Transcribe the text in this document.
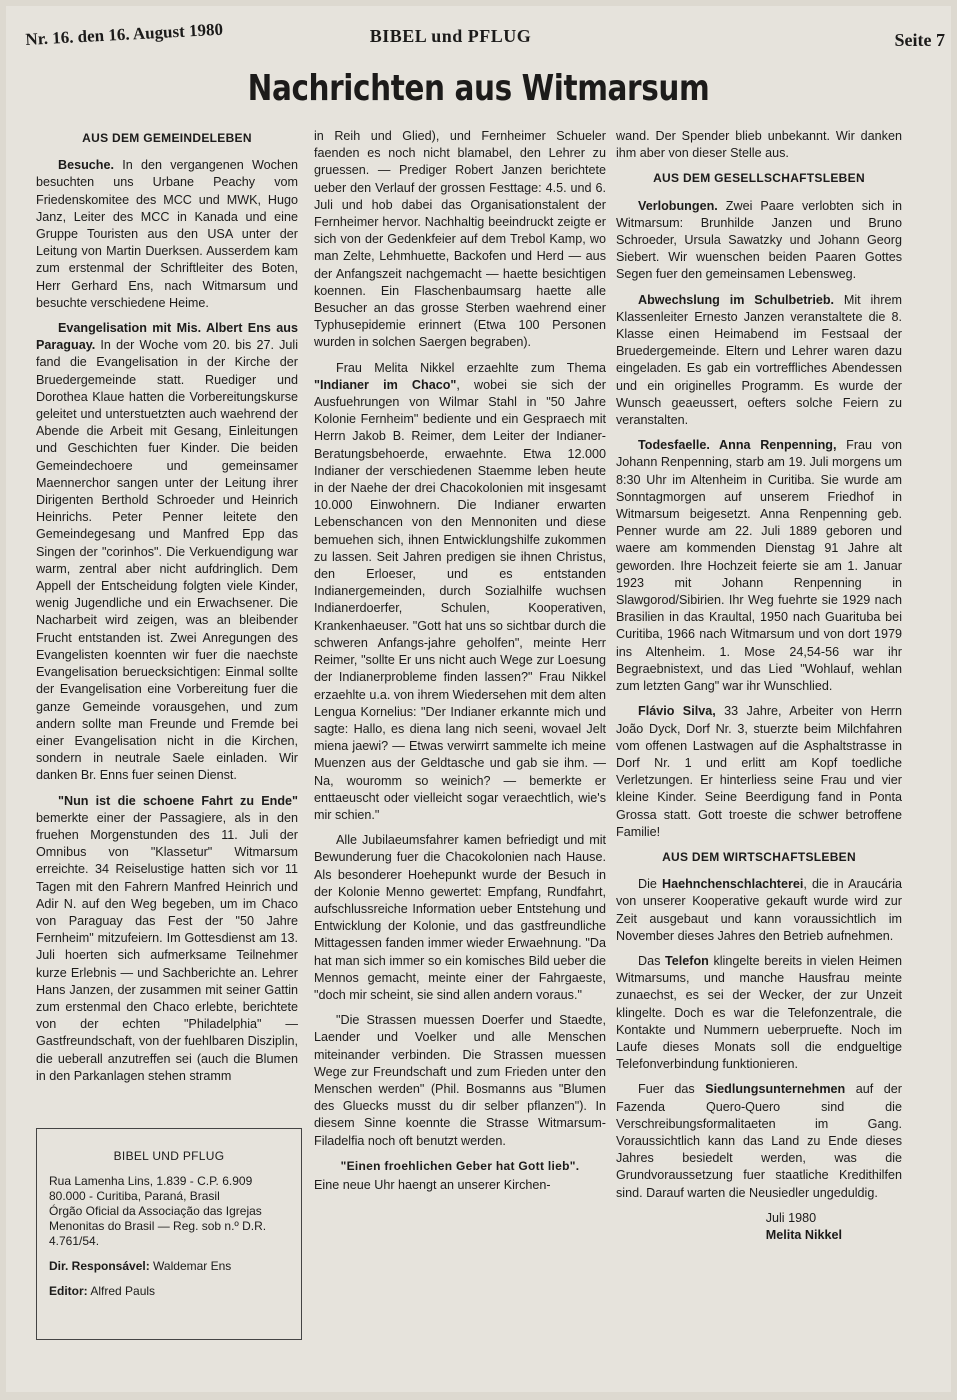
Nr. 16. den 16. August 1980	BIBEL und PFLUG	Seite 7
Nachrichten aus Witmarsum
AUS DEM GEMEINDELEBEN

Besuche. In den vergangenen Wochen besuchten uns Urbane Peachy vom Friedenskomitee des MCC und MWK, Hugo Janz, Leiter des MCC in Kanada und eine Gruppe Touristen aus den USA unter der Leitung von Martin Duerksen. Ausserdem kam zum erstenmal der Schriftleiter des Boten, Herr Gerhard Ens, nach Witmarsum und besuchte verschiedene Heime.

Evangelisation mit Mis. Albert Ens aus Paraguay. In der Woche vom 20. bis 27. Juli fand die Evangelisation in der Kirche der Bruedergemeinde statt. Ruediger und Dorothea Klaue hatten die Vorbereitungskurse geleitet und unterstuetzten auch waehrend der Abende die Arbeit mit Gesang, Einleitungen und Geschichten fuer Kinder. Die beiden Gemeindechoere und gemeinsamer Maennerchor sangen unter der Leitung ihrer Dirigenten Berthold Schroeder und Heinrich Heinrichs. Peter Penner leitete den Gemeindegesang und Manfred Epp das Singen der "corinhos". Die Verkuendigung war warm, zentral aber nicht aufdringlich. Dem Appell der Entscheidung folgten viele Kinder, wenig Jugendliche und ein Erwachsener. Die Nacharbeit wird zeigen, was an bleibender Frucht entstanden ist. Zwei Anregungen des Evangelisten koennten wir fuer die naechste Evangelisation beruecksichtigen: Einmal sollte der Evangelisation eine Vorbereitung fuer die ganze Gemeinde vorausgehen, und zum andern sollte man Freunde und Fremde bei einer Evangelisation nicht in die Kirchen, sondern in neutrale Saele einladen. Wir danken Br. Enns fuer seinen Dienst.

"Nun ist die schoene Fahrt zu Ende" bemerkte einer der Passagiere, als in den fruehen Morgenstunden des 11. Juli der Omnibus von "Klassetur" Witmarsum erreichte. 34 Reiselustige hatten sich vor 11 Tagen mit den Fahrern Manfred Heinrich und Adir N. auf den Weg begeben, um im Chaco von Paraguay das Fest der "50 Jahre Fernheim" mitzufeiern. Im Gottesdienst am 13. Juli hoerten sich aufmerksame Teilnehmer kurze Erlebnis — und Sachberichte an. Lehrer Hans Janzen, der zusammen mit seiner Gattin zum erstenmal den Chaco erlebte, berichtete von der echten "Philadelphia" — Gastfreundschaft, von der fuehlbaren Disziplin, die ueberall anzutreffen sei (auch die Blumen in den Parkanlagen stehen stramm

BIBEL UND PFLUG

Rua Lamenha Lins, 1.839 - C.P. 6.909 80.000 - Curitiba, Paraná, Brasil

Órgão Oficial da Associação das Igrejas Menonitas do Brasil — Reg. sob n.º D.R. 4.761/54.

Dir. Responsável: Waldemar Ens

Editor: Alfred Pauls

in Reih und Glied), und Fernheimer Schueler faenden es noch nicht blamabel, den Lehrer zu gruessen. — Prediger Robert Janzen berichtete ueber den Verlauf der grossen Festtage: 4.5. und 6. Juli und hob dabei das Organisationstalent der Fernheimer hervor. Nachhaltig beeindruckt zeigte er sich von der Gedenkfeier auf dem Trebol Kamp, wo man Zelte, Lehmhuette, Backofen und Herd — aus der Anfangszeit nachgemacht — haette besichtigen koennen. Ein Flaschenbaumsarg haette alle Besucher an das grosse Sterben waehrend einer Typhusepidemie erinnert (Etwa 100 Personen wurden in solchen Saergen begraben).

Frau Melita Nikkel erzaehlte zum Thema "Indianer im Chaco", wobei sie sich der Ausfuehrungen von Wilmar Stahl in "50 Jahre Kolonie Fernheim" bediente und ein Gespraech mit Herrn Jakob B. Reimer, dem Leiter der Indianer-Beratungsbehoerde, erwaehnte. Etwa 12.000 Indianer der verschiedenen Staemme leben heute in der Naehe der drei Chacokolonien mit insgesamt 10.000 Einwohnern. Die Indianer erwarten Lebenschancen von den Mennoniten und diese bemuehen sich, ihnen Entwicklungshilfe zukommen zu lassen. Seit Jahren predigen sie ihnen Christus, den Erloeser, und es entstanden Indianergemeinden, durch Sozialhilfe wuchsen Indianerdoerfer, Schulen, Kooperativen, Krankenhaeuser. "Gott hat uns so sichtbar durch die schweren Anfangs-jahre geholfen", meinte Herr Reimer, "sollte Er uns nicht auch Wege zur Loesung der Indianerprobleme finden lassen?" Frau Nikkel erzaehlte u.a. von ihrem Wiedersehen mit dem alten Lengua Kornelius: "Der Indianer erkannte mich und sagte: Hallo, es diena lang nich seeni, wovael Jelt miena jaewi? — Etwas verwirrt sammelte ich meine Muenzen aus der Geldtasche und gab sie ihm. — Na, wouromm so weinich? — bemerkte er enttaeuscht oder vielleicht sogar veraechtlich, wie's mir schien."

Alle Jubilaeumsfahrer kamen befriedigt und mit Bewunderung fuer die Chacokolonien nach Hause. Als besonderer Hoehepunkt wurde der Besuch in der Kolonie Menno gewertet: Empfang, Rundfahrt, aufschlussreiche Information ueber Entstehung und Entwicklung der Kolonie, und das gastfreundliche Mittagessen fanden immer wieder Erwaehnung. "Da hat man sich immer so ein komisches Bild ueber die Mennos gemacht, meinte einer der Fahrgaeste, "doch mir scheint, sie sind allen andern voraus."

"Die Strassen muessen Doerfer und Staedte, Laender und Voelker und alle Menschen miteinander verbinden. Die Strassen muessen Wege zur Freundschaft und zum Frieden unter den Menschen werden" (Phil. Bosmanns aus "Blumen des Gluecks musst du dir selber pflanzen"). In diesem Sinne koennte die Strasse Witmarsum-Filadelfia noch oft benutzt werden.

"Einen froehlichen Geber hat Gott lieb".

Eine neue Uhr haengt an unserer Kirchen-

wand. Der Spender blieb unbekannt. Wir danken ihm aber von dieser Stelle aus.

AUS DEM GESELLSCHAFTSLEBEN

Verlobungen. Zwei Paare verlobten sich in Witmarsum: Brunhilde Janzen und Bruno Schroeder, Ursula Sawatzky und Johann Georg Siebert. Wir wuenschen beiden Paaren Gottes Segen fuer den gemeinsamen Lebensweg.

Abwechslung im Schulbetrieb. Mit ihrem Klassenleiter Ernesto Janzen veranstaltete die 8. Klasse einen Heimabend im Festsaal der Bruedergemeinde. Eltern und Lehrer waren dazu eingeladen. Es gab ein vortreffliches Abendessen und ein originelles Programm. Es wurde der Wunsch geaeussert, oefters solche Feiern zu veranstalten.

Todesfaelle. Anna Renpenning, Frau von Johann Renpenning, starb am 19. Juli morgens um 8:30 Uhr im Altenheim in Curitiba. Sie wurde am Sonntagmorgen auf unserem Friedhof in Witmarsum beigesetzt. Anna Renpenning geb. Penner wurde am 22. Juli 1889 geboren und waere am kommenden Dienstag 91 Jahre alt geworden. Ihre Hochzeit feierte sie am 1. Januar 1923 mit Johann Renpenning in Slawgorod/Sibirien. Ihr Weg fuehrte sie 1929 nach Brasilien in das Kraultal, 1950 nach Guarituba bei Curitiba, 1966 nach Witmarsum und von dort 1979 ins Altenheim. 1. Mose 24,54-56 war ihr Begraebnistext, und das Lied "Wohlauf, wehlan zum letzten Gang" war ihr Wunschlied.

Flávio Silva, 33 Jahre, Arbeiter von Herrn João Dyck, Dorf Nr. 3, stuerzte beim Milchfahren vom offenen Lastwagen auf die Asphaltstrasse in Dorf Nr. 1 und erlitt am Kopf toedliche Verletzungen. Er hinterliess seine Frau und vier kleine Kinder. Seine Beerdigung fand in Ponta Grossa statt. Gott troeste die schwer betroffene Familie!

AUS DEM WIRTSCHAFTSLEBEN

Die Haehnchenschlachterei, die in Araucária von unserer Kooperative gekauft wurde wird zur Zeit ausgebaut und kann voraussichtlich im November dieses Jahres den Betrieb aufnehmen.

Das Telefon klingelte bereits in vielen Heimen Witmarsums, und manche Hausfrau meinte zunaechst, es sei der Wecker, der zur Unzeit klingelte. Doch es war die Telefonzentrale, die Kontakte und Nummern ueberpruefte. Noch im Laufe dieses Monats soll die endgueltige Telefonverbindung funktionieren.

Fuer das Siedlungsunternehmen auf der Fazenda Quero-Quero sind die Verschreibungsformalitaeten im Gang. Voraussichtlich kann das Land zu Ende dieses Jahres besiedelt werden, was die Grundvoraussetzung fuer staatliche Kredithilfen sind. Darauf warten die Neusiedler ungeduldig.

Juli 1980
Melita Nikkel
